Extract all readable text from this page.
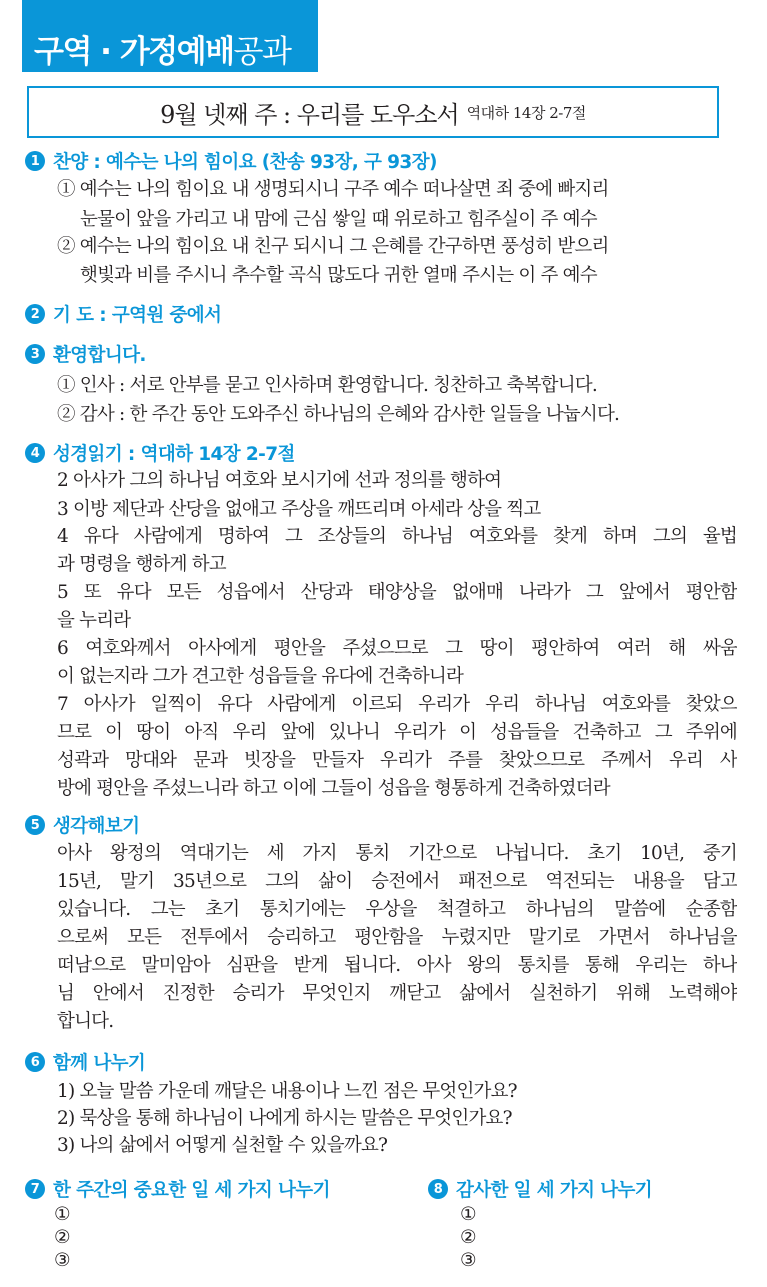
구역 · 가정예배공과
9월 넷째 주 : 우리를 도우소서 역대하 14장 2-7절
1 찬양 : 예수는 나의 힘이요 (찬송 93장, 구 93장)
① 예수는 나의 힘이요 내 생명되시니 구주 예수 떠나살면 죄 중에 빠지리
눈물이 앞을 가리고 내 맘에 근심 쌓일 때 위로하고 힘주실이 주 예수
② 예수는 나의 힘이요 내 친구 되시니 그 은혜를 간구하면 풍성히 받으리
햇빛과 비를 주시니 추수할 곡식 많도다 귀한 열매 주시는 이 주 예수
2 기 도 : 구역원 중에서
3 환영합니다.
① 인사 : 서로 안부를 묻고 인사하며 환영합니다. 칭찬하고 축복합니다.
② 감사 : 한 주간 동안 도와주신 하나님의 은혜와 감사한 일들을 나눕시다.
4 성경읽기 : 역대하 14장 2-7절
2 아사가 그의 하나님 여호와 보시기에 선과 정의를 행하여
3 이방 제단과 산당을 없애고 주상을 깨뜨리며 아세라 상을 찍고
4 유다 사람에게 명하여 그 조상들의 하나님 여호와를 찾게 하며 그의 율법
과 명령을 행하게 하고
5 또 유다 모든 성읍에서 산당과 태양상을 없애매 나라가 그 앞에서 평안함
을 누리라
6 여호와께서 아사에게 평안을 주셨으므로 그 땅이 평안하여 여러 해 싸움
이 없는지라 그가 견고한 성읍들을 유다에 건축하니라
7 아사가 일찍이 유다 사람에게 이르되 우리가 우리 하나님 여호와를 찾았으
므로 이 땅이 아직 우리 앞에 있나니 우리가 이 성읍들을 건축하고 그 주위에
성곽과 망대와 문과 빗장을 만들자 우리가 주를 찾았으므로 주께서 우리 사
방에 평안을 주셨느니라 하고 이에 그들이 성읍을 형통하게 건축하였더라
5 생각해보기
아사 왕정의 역대기는 세 가지 통치 기간으로 나뉩니다. 초기 10년, 중기
15년, 말기 35년으로 그의 삶이 승전에서 패전으로 역전되는 내용을 담고
있습니다. 그는 초기 통치기에는 우상을 척결하고 하나님의 말씀에 순종함
으로써 모든 전투에서 승리하고 평안함을 누렸지만 말기로 가면서 하나님을
떠남으로 말미암아 심판을 받게 됩니다. 아사 왕의 통치를 통해 우리는 하나
님 안에서 진정한 승리가 무엇인지 깨닫고 삶에서 실천하기 위해 노력해야
합니다.
6 함께 나누기
1) 오늘 말씀 가운데 깨달은 내용이나 느낀 점은 무엇인가요?
2) 묵상을 통해 하나님이 나에게 하시는 말씀은 무엇인가요?
3) 나의 삶에서 어떻게 실천할 수 있을까요?
7 한 주간의 중요한 일 세 가지 나누기
①
②
③
8 감사한 일 세 가지 나누기
①
②
③
